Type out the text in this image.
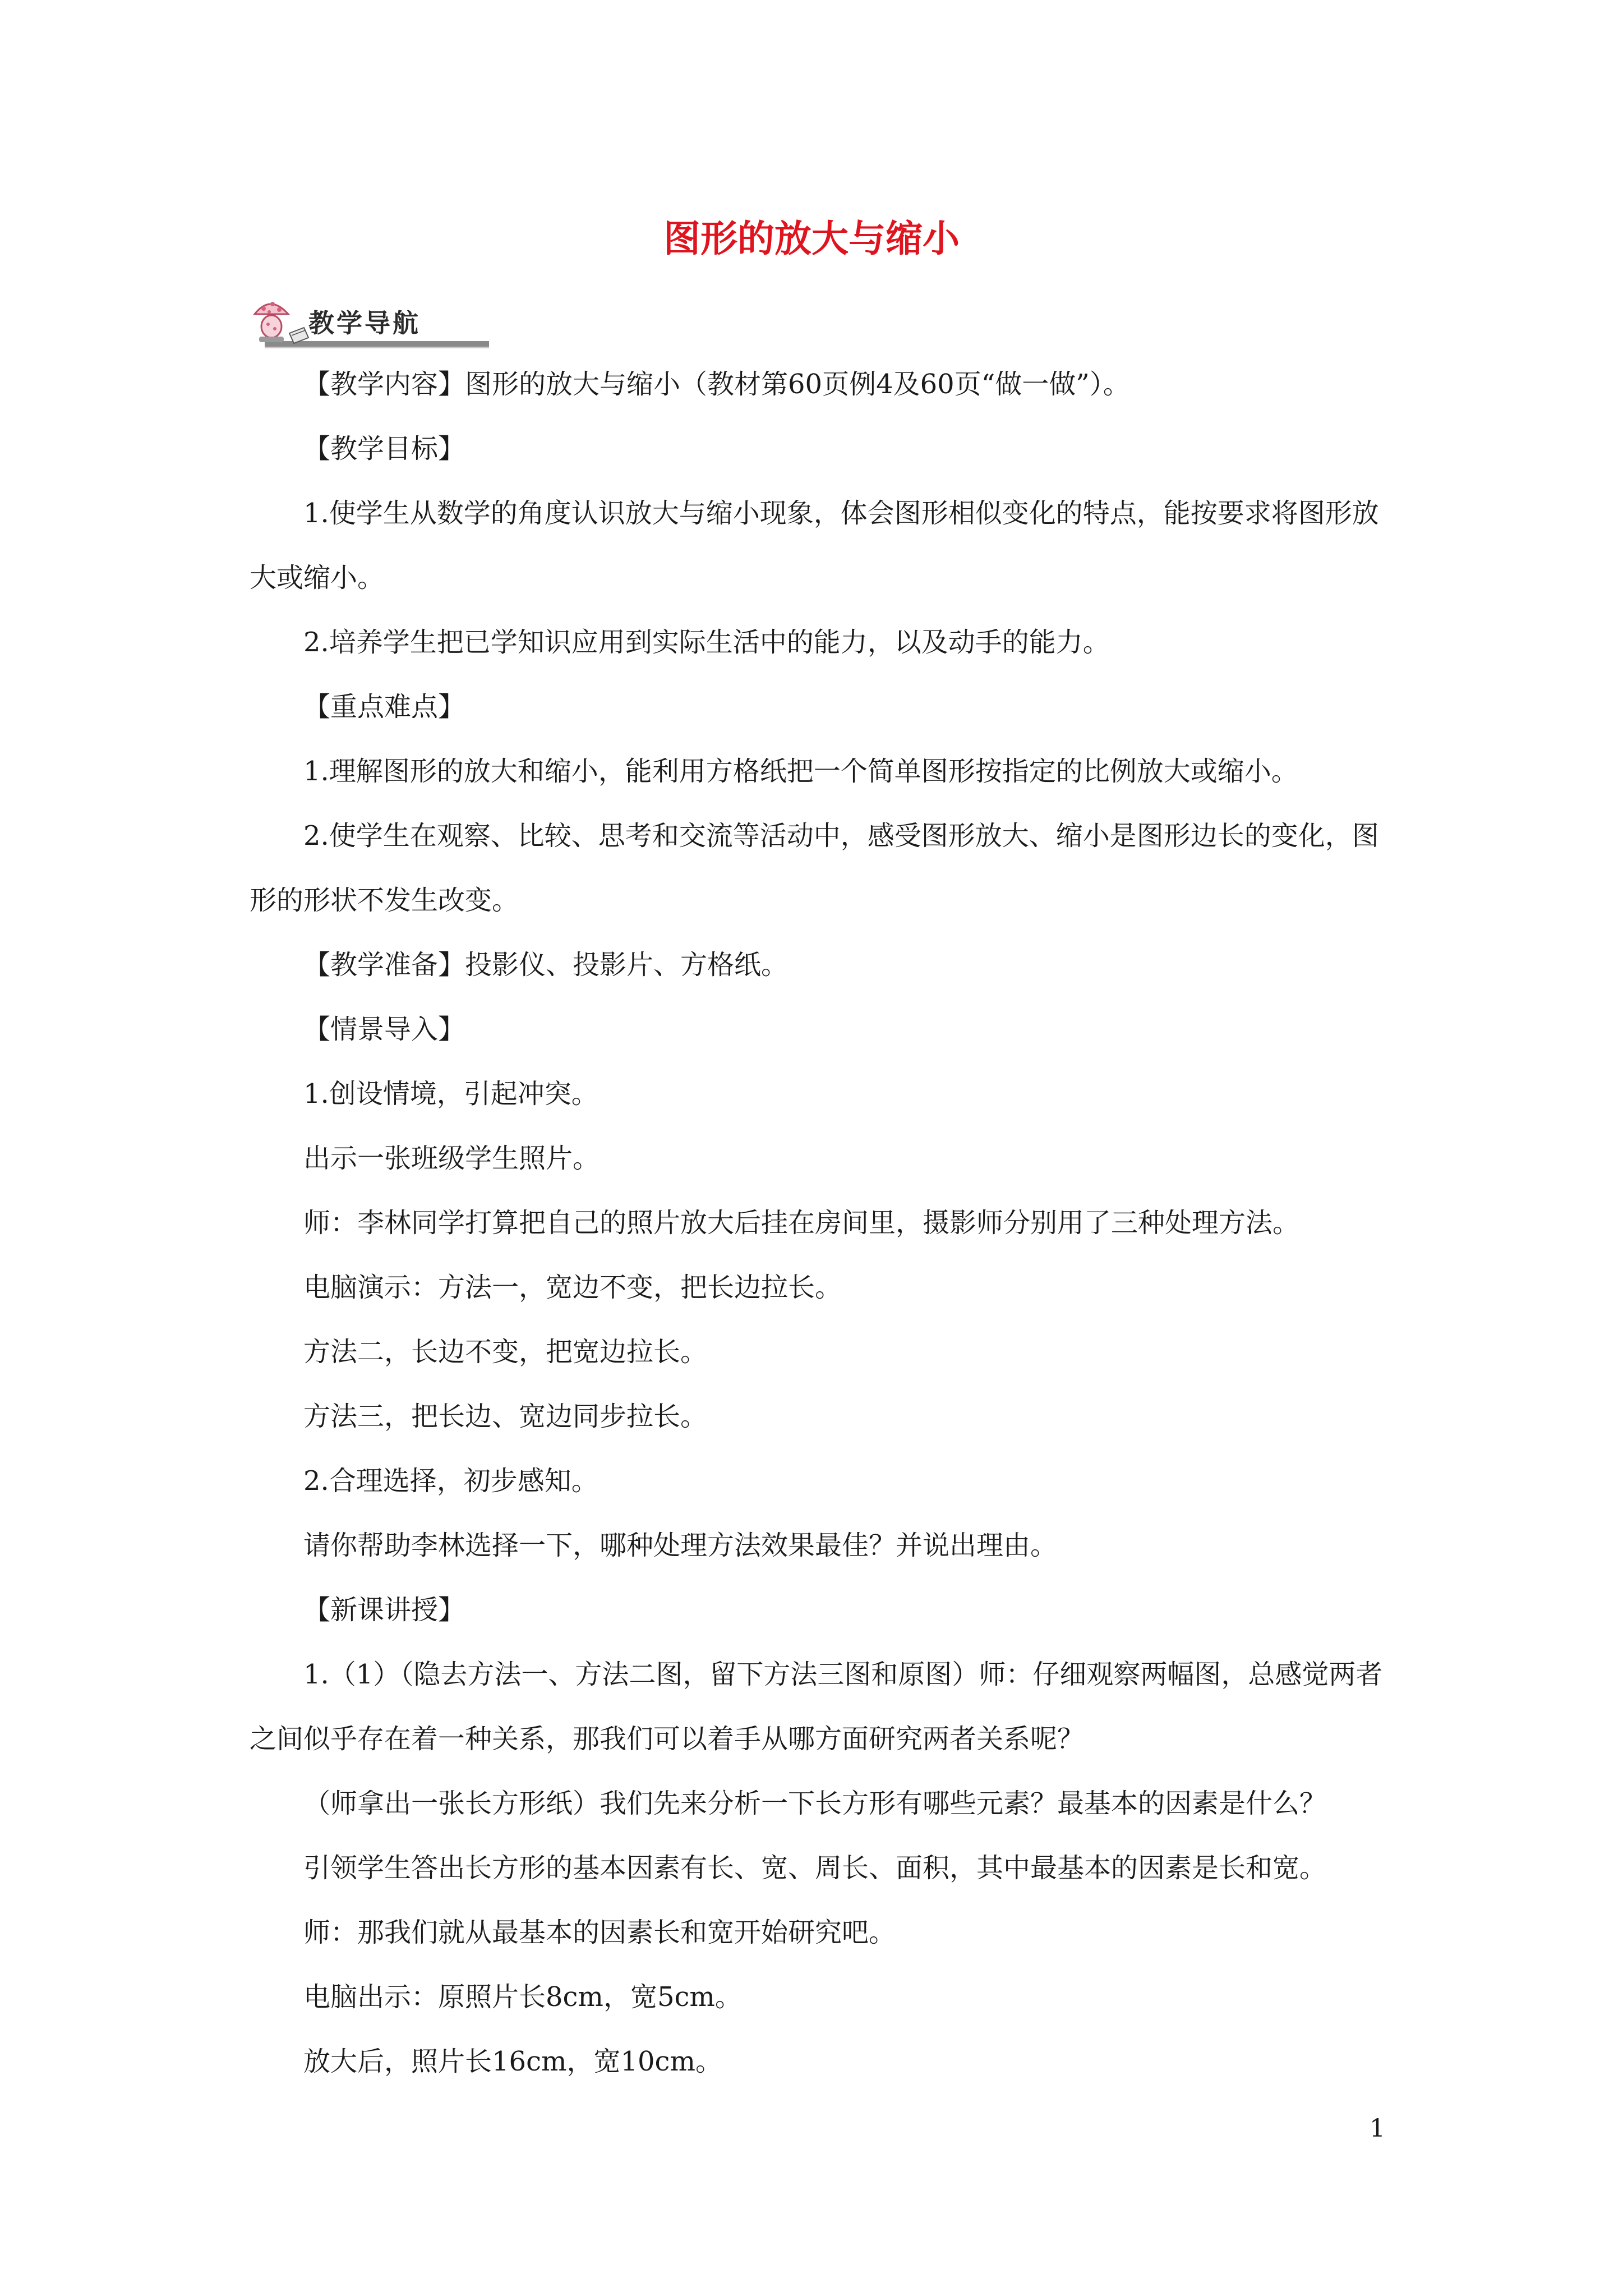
图形的放大与缩小
教学导航

【教学内容】图形的放大与缩小（教材第60页例4及60页“做一做”）。

【教学目标】

1.使学生从数学的角度认识放大与缩小现象，体会图形相似变化的特点，能按要求将图形放大或缩小。

2.培养学生把已学知识应用到实际生活中的能力，以及动手的能力。

【重点难点】

1.理解图形的放大和缩小，能利用方格纸把一个简单图形按指定的比例放大或缩小。

2.使学生在观察、比较、思考和交流等活动中，感受图形放大、缩小是图形边长的变化，图形的形状不发生改变。

【教学准备】投影仪、投影片、方格纸。

【情景导入】

1.创设情境，引起冲突。

出示一张班级学生照片。

师：李林同学打算把自己的照片放大后挂在房间里，摄影师分别用了三种处理方法。

电脑演示：方法一，宽边不变，把长边拉长。

方法二，长边不变，把宽边拉长。

方法三，把长边、宽边同步拉长。

2.合理选择，初步感知。

请你帮助李林选择一下，哪种处理方法效果最佳？并说出理由。

【新课讲授】

1.（1）（隐去方法一、方法二图，留下方法三图和原图）师：仔细观察两幅图，总感觉两者之间似乎存在着一种关系，那我们可以着手从哪方面研究两者关系呢？

（师拿出一张长方形纸）我们先来分析一下长方形有哪些元素？最基本的因素是什么？

引领学生答出长方形的基本因素有长、宽、周长、面积，其中最基本的因素是长和宽。

师：那我们就从最基本的因素长和宽开始研究吧。

电脑出示：原照片长8cm，宽5cm。

放大后，照片长16cm，宽10cm。

1
